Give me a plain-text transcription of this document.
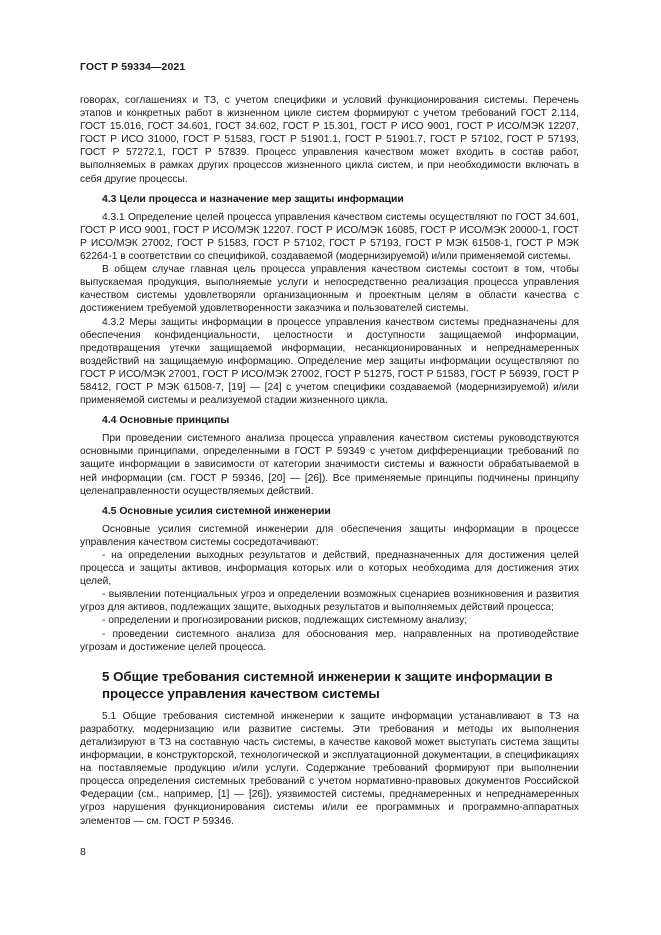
ГОСТ Р 59334—2021

говорах, соглашениях и ТЗ, с учетом специфики и условий функционирования системы. Перечень этапов и конкретных работ в жизненном цикле систем формируют с учетом требований ГОСТ 2.114, ГОСТ 15.016, ГОСТ 34.601, ГОСТ 34.602, ГОСТ Р 15.301, ГОСТ Р ИСО 9001, ГОСТ Р ИСО/МЭК 12207, ГОСТ Р ИСО 31000, ГОСТ Р 51583, ГОСТ Р 51901.1, ГОСТ Р 51901.7, ГОСТ Р 57102, ГОСТ Р 57193, ГОСТ Р 57272.1, ГОСТ Р 57839. Процесс управления качеством может входить в состав работ, выполняемых в рамках других процессов жизненного цикла систем, и при необходимости включать в себя другие процессы.

4.3 Цели процесса и назначение мер защиты информации

4.3.1 Определение целей процесса управления качеством системы осуществляют по ГОСТ 34.601, ГОСТ Р ИСО 9001, ГОСТ Р ИСО/МЭК 12207. ГОСТ Р ИСО/МЭК 16085, ГОСТ Р ИСО/МЭК 20000-1, ГОСТ Р ИСО/МЭК 27002, ГОСТ Р 51583, ГОСТ Р 57102, ГОСТ Р 57193, ГОСТ Р МЭК 61508-1, ГОСТ Р МЭК 62264-1 в соответствии со спецификой, создаваемой (модернизируемой) и/или применяемой системы.

В общем случае главная цель процесса управления качеством системы состоит в том, чтобы выпускаемая продукция, выполняемые услуги и непосредственно реализация процесса управления качеством системы удовлетворяли организационным и проектным целям в области качества с достижением требуемой удовлетворенности заказчика и пользователей системы.

4.3.2 Меры защиты информации в процессе управления качеством системы предназначены для обеспечения конфиденциальности, целостности и доступности защищаемой информации, предотвращения утечки защищаемой информации, несанкционированных и непреднамеренных воздействий на защищаемую информацию. Определение мер защиты информации осуществляют по ГОСТ Р ИСО/МЭК 27001, ГОСТ Р ИСО/МЭК 27002, ГОСТ Р 51275, ГОСТ Р 51583, ГОСТ Р 56939, ГОСТ Р 58412, ГОСТ Р МЭК 61508-7, [19] — [24] с учетом специфики создаваемой (модернизируемой) и/или применяемой системы и реализуемой стадии жизненного цикла.

4.4 Основные принципы

При проведении системного анализа процесса управления качеством системы руководствуются основными принципами, определенными в ГОСТ Р 59349 с учетом дифференциации требований по защите информации в зависимости от категории значимости системы и важности обрабатываемой в ней информации (см. ГОСТ Р 59346, [20] — [26]). Все применяемые принципы подчинены принципу целенаправленности осуществляемых действий.

4.5 Основные усилия системной инженерии

Основные усилия системной инженерии для обеспечения защиты информации в процессе управления качеством системы сосредотачивают:

- на определении выходных результатов и действий, предназначенных для достижения целей процесса и защиты активов, информация которых или о которых необходима для достижения этих целей,

- выявлении потенциальных угроз и определении возможных сценариев возникновения и развития угроз для активов, подлежащих защите, выходных результатов и выполняемых действий процесса;

- определении и прогнозировании рисков, подлежащих системному анализу;

- проведении системного анализа для обоснования мер, направленных на противодействие угрозам и достижение целей процесса.

5 Общие требования системной инженерии к защите информации в процессе управления качеством системы

5.1 Общие требования системной инженерии к защите информации устанавливают в ТЗ на разработку, модернизацию или развитие системы. Эти требования и методы их выполнения детализируют в ТЗ на составную часть системы, в качестве каковой может выступать система защиты информации, в конструкторской, технологической и эксплуатационной документации, в спецификациях на поставляемые продукцию и/или услуги. Содержание требований формируют при выполнении процесса определения системных требований с учетом нормативно-правовых документов Российской Федерации (см., например, [1] — [26]), уязвимостей системы, преднамеренных и непреднамеренных угроз нарушения функционирования системы и/или ее программных и программно-аппаратных элементов — см. ГОСТ Р 59346.

8
